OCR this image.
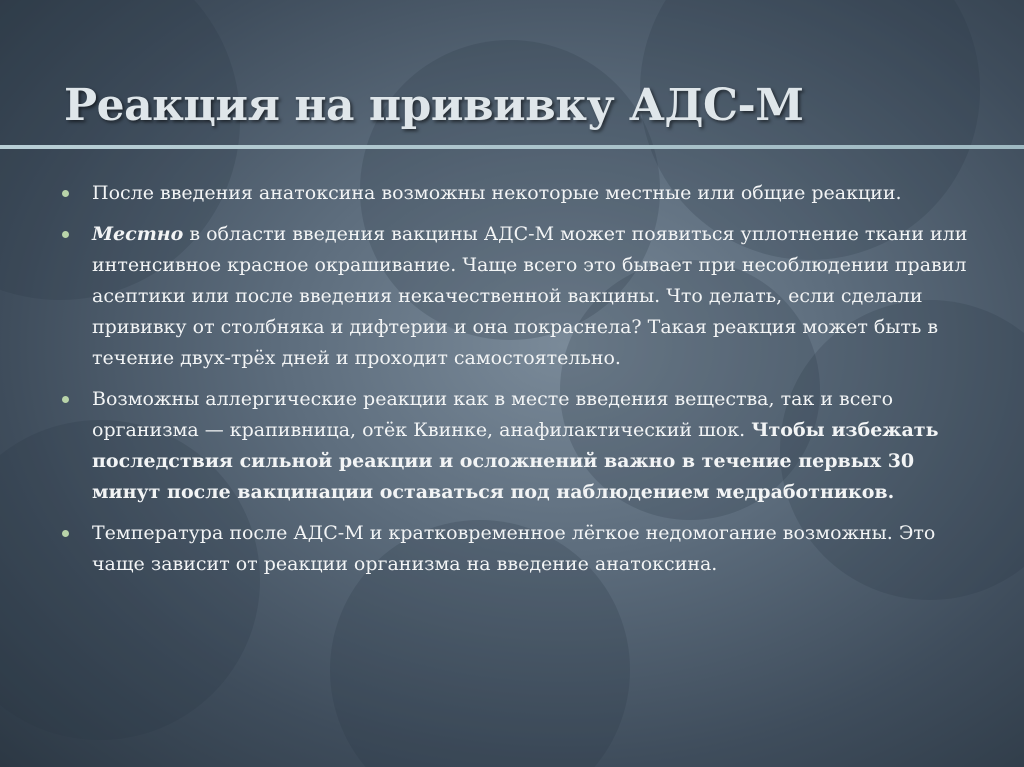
Реакция на прививку АДС-М
После введения анатоксина возможны некоторые местные или общие реакции.
Местно в области введения вакцины АДС-М может появиться уплотнение ткани или интенсивное красное окрашивание. Чаще всего это бывает при несоблюдении правил асептики или после введения некачественной вакцины. Что делать, если сделали прививку от столбняка и дифтерии и она покраснела? Такая реакция может быть в течение двух-трёх дней и проходит самостоятельно.
Возможны аллергические реакции как в месте введения вещества, так и всего организма — крапивница, отёк Квинке, анафилактический шок. Чтобы избежать последствия сильной реакции и осложнений важно в течение первых 30 минут после вакцинации оставаться под наблюдением медработников.
Температура после АДС-М и кратковременное лёгкое недомогание возможны. Это чаще зависит от реакции организма на введение анатоксина.
